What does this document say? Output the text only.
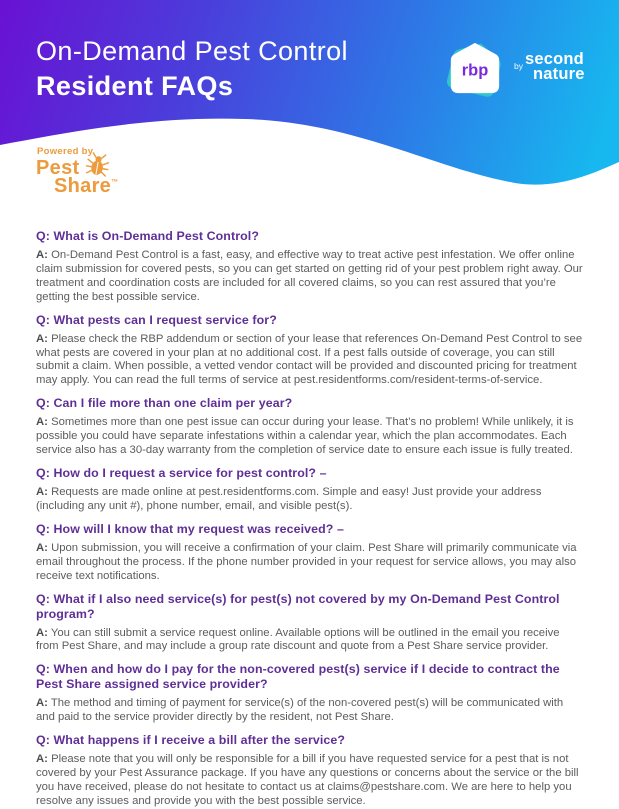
On-Demand Pest Control
Resident FAQs
rbp	$^{by}$ second
nature
Powered by
Pest
Share™
Q: What is On-Demand Pest Control?

A: On-Demand Pest Control is a fast, easy, and effective way to treat active pest infestation. We offer online claim submission for covered pests, so you can get started on getting rid of your pest problem right away. Our treatment and coordination costs are included for all covered claims, so you can rest assured that you’re getting the best possible service.

Q: What pests can I request service for?

A: Please check the RBP addendum or section of your lease that references On-Demand Pest Control to see what pests are covered in your plan at no additional cost. If a pest falls outside of coverage, you can still submit a claim. When possible, a vetted vendor contact will be provided and discounted pricing for treatment may apply. You can read the full terms of service at pest.residentforms.com/resident-terms-of-service.

Q: Can I file more than one claim per year?

A: Sometimes more than one pest issue can occur during your lease. That’s no problem! While unlikely, it is possible you could have separate infestations within a calendar year, which the plan accommodates. Each service also has a 30-day warranty from the completion of service date to ensure each issue is fully treated.

Q: How do I request a service for pest control? –

A: Requests are made online at pest.residentforms.com. Simple and easy! Just provide your address (including any unit #), phone number, email, and visible pest(s).

Q: How will I know that my request was received? –

A: Upon submission, you will receive a confirmation of your claim. Pest Share will primarily communicate via email throughout the process. If the phone number provided in your request for service allows, you may also receive text notifications.

Q: What if I also need service(s) for pest(s) not covered by my On-Demand Pest Control program?

A: You can still submit a service request online. Available options will be outlined in the email you receive from Pest Share, and may include a group rate discount and quote from a Pest Share service provider.

Q: When and how do I pay for the non-covered pest(s) service if I decide to contract the Pest Share assigned service provider?

A: The method and timing of payment for service(s) of the non-covered pest(s) will be communicated with and paid to the service provider directly by the resident, not Pest Share.

Q: What happens if I receive a bill after the service?

A: Please note that you will only be responsible for a bill if you have requested service for a pest that is not covered by your Pest Assurance package. If you have any questions or concerns about the service or the bill you have received, please do not hesitate to contact us at claims@pestshare.com. We are here to help you resolve any issues and provide you with the best possible service.
